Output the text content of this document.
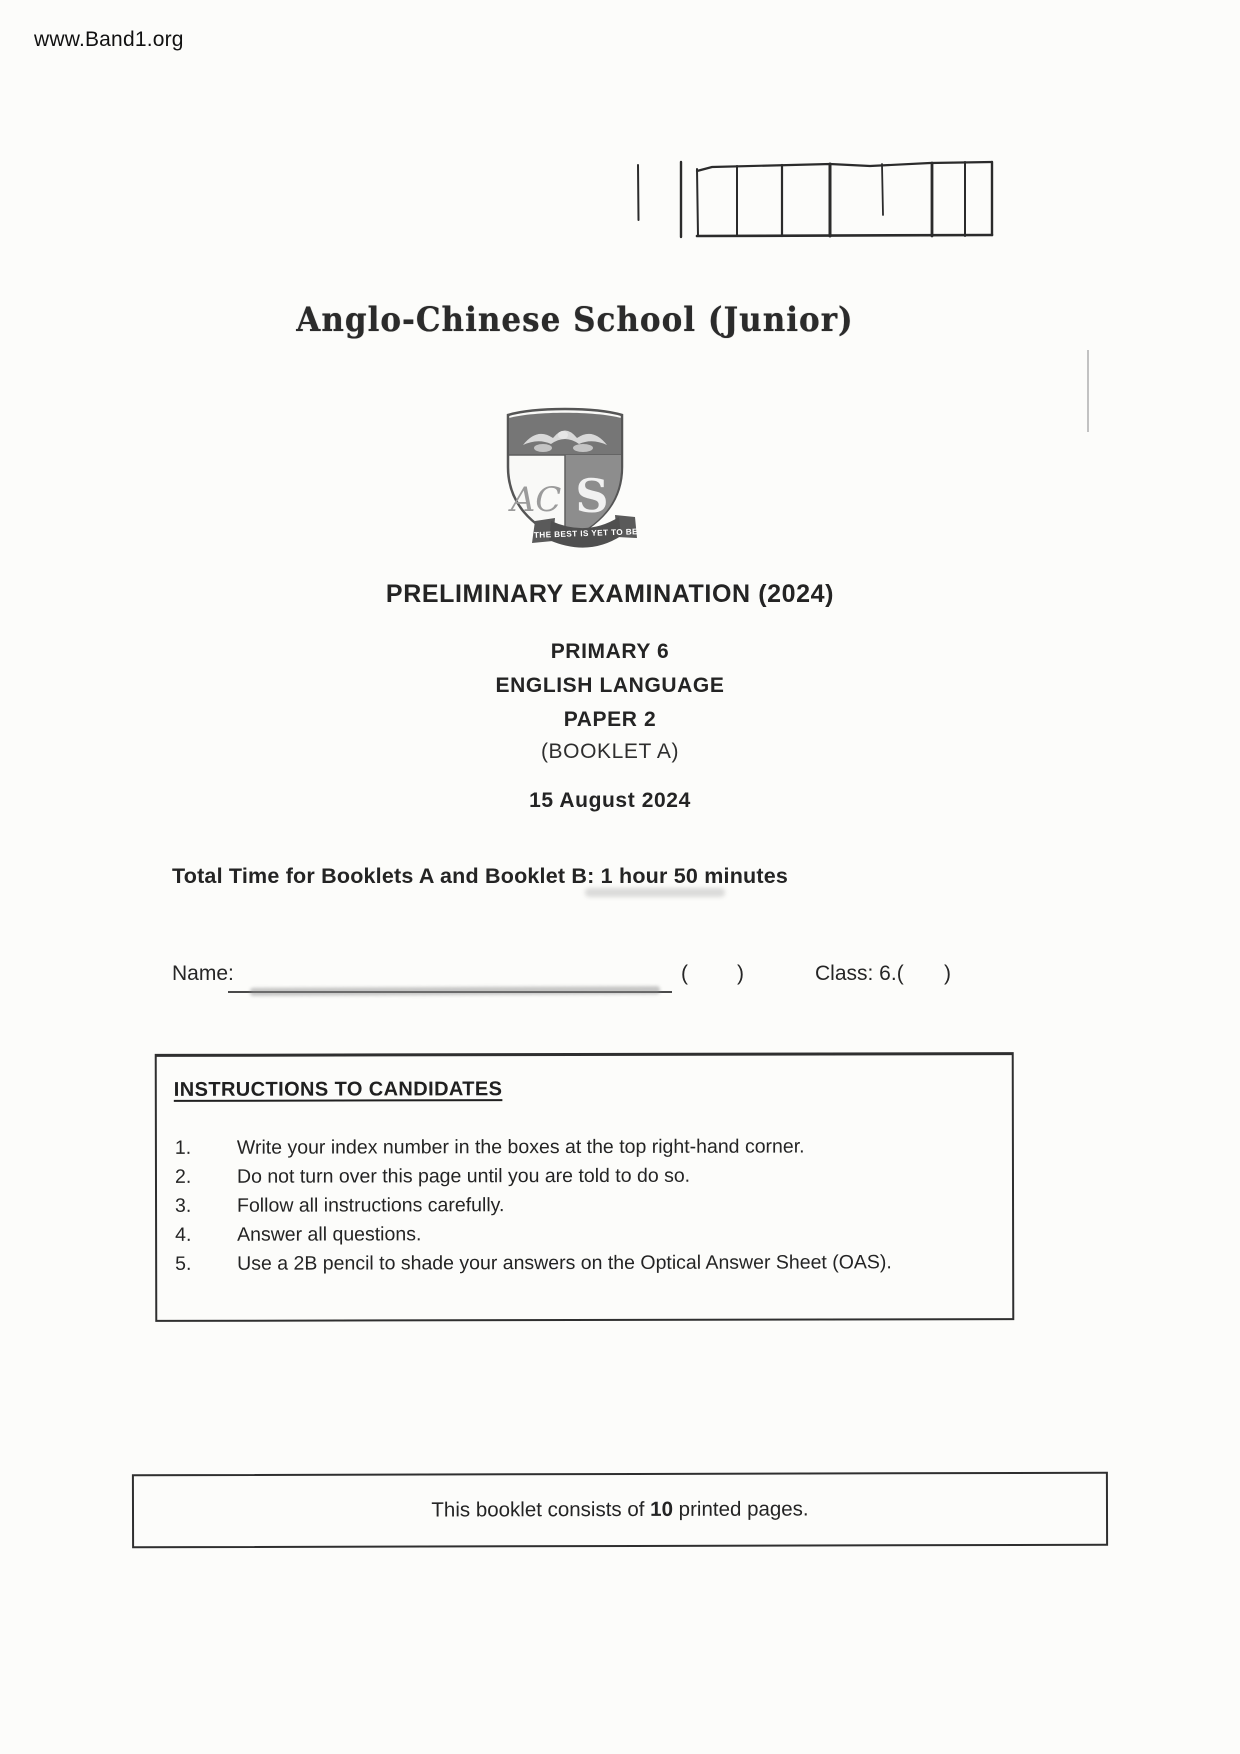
www.Band1.org
Anglo-Chinese School (Junior)
AC S
THE BEST IS YET TO BE
PRELIMINARY EXAMINATION (2024)
PRIMARY 6
ENGLISH LANGUAGE
PAPER 2
(BOOKLET A)
15 August 2024
Total Time for Booklets A and Booklet B: 1 hour 50 minutes
Name:	( )	Class: 6.( )
INSTRUCTIONS TO CANDIDATES
1. Write your index number in the boxes at the top right-hand corner.
2. Do not turn over this page until you are told to do so.
3. Follow all instructions carefully.
4. Answer all questions.
5. Use a 2B pencil to shade your answers on the Optical Answer Sheet (OAS).
This booklet consists of 10 printed pages.
